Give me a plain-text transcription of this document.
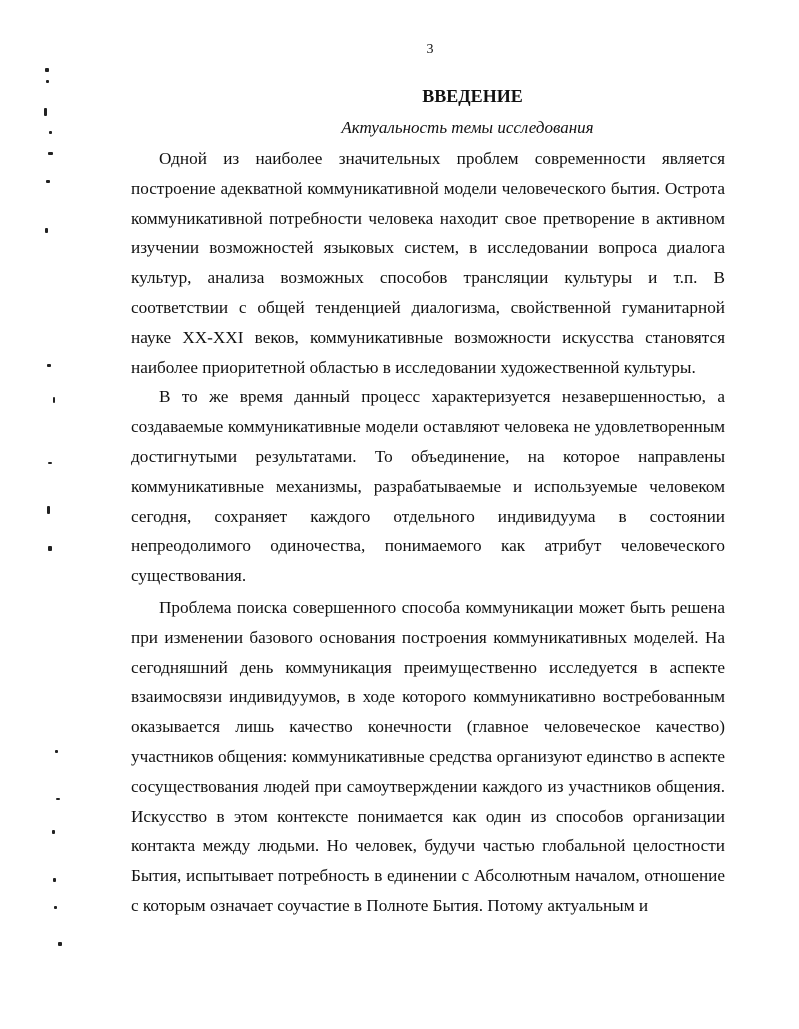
3
ВВЕДЕНИЕ
Актуальность темы исследования

Одной из наиболее значительных проблем современности является построение адекватной коммуникативной модели человеческого бытия. Острота коммуникативной потребности человека находит свое претворение в активном изучении возможностей языковых систем, в исследовании вопроса диалога культур, анализа возможных способов трансляции культуры и т.п. В соответствии с общей тенденцией диалогизма, свойственной гуманитарной науке XX-XXI веков, коммуникативные возможности искусства становятся наиболее приоритетной областью в исследовании художественной культуры.

В то же время данный процесс характеризуется незавершенностью, а создаваемые коммуникативные модели оставляют человека не удовлетворенным достигнутыми результатами. То объединение, на которое направлены коммуникативные механизмы, разрабатываемые и используемые человеком сегодня, сохраняет каждого отдельного индивидуума в состоянии непреодолимого одиночества, понимаемого как атрибут человеческого существования.

Проблема поиска совершенного способа коммуникации может быть решена при изменении базового основания построения коммуникативных моделей. На сегодняшний день коммуникация преимущественно исследуется в аспекте взаимосвязи индивидуумов, в ходе которого коммуникативно востребованным оказывается лишь качество конечности (главное человеческое качество) участников общения: коммуникативные средства организуют единство в аспекте сосуществования людей при самоутверждении каждого из участников общения. Искусство в этом контексте понимается как один из способов организации контакта между людьми. Но человек, будучи частью глобальной целостности Бытия, испытывает потребность в единении с Абсолютным началом, отношение с которым означает соучастие в Полноте Бытия. Потому актуальным и
